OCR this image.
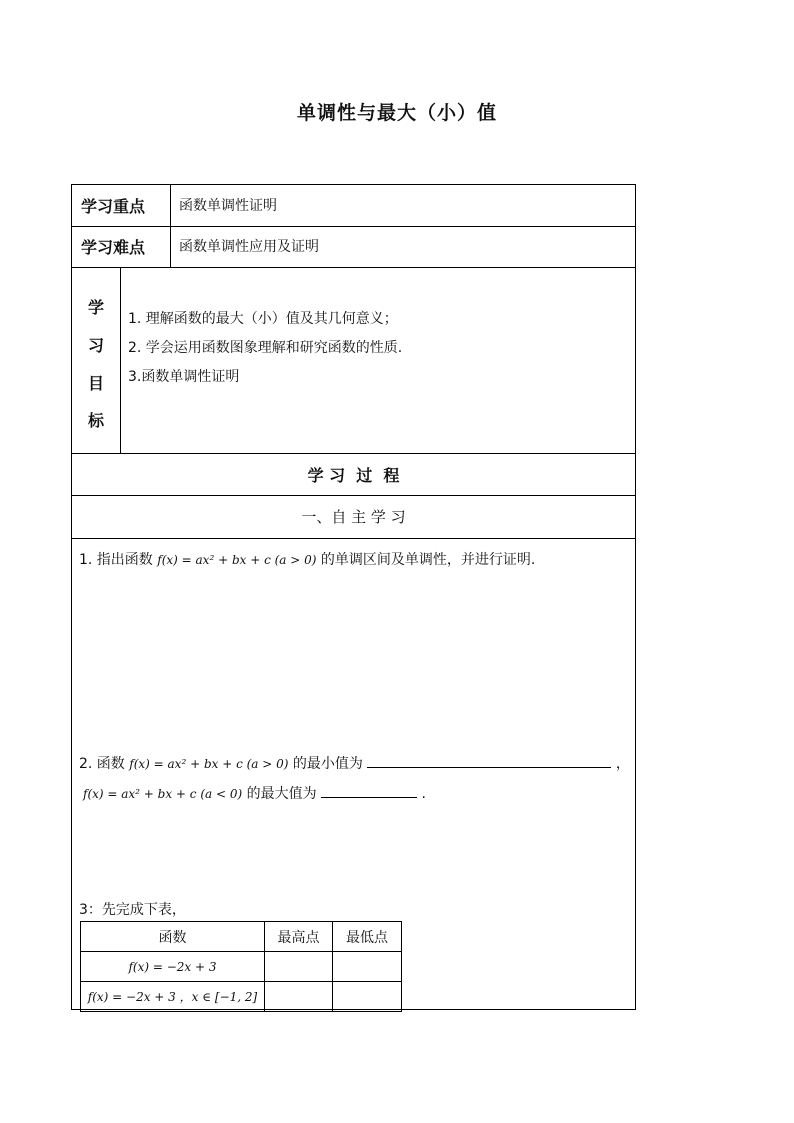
单调性与最大（小）值
学习重点 函数单调性证明
学习难点 函数单调性应用及证明
学
习
目
标
1. 理解函数的最大（小）值及其几何意义；
2. 学会运用函数图象理解和研究函数的性质.
3.函数单调性证明
学 习  过  程
一、自 主 学 习
1. 指出函数 f(x) = ax² + bx + c (a > 0) 的单调区间及单调性，并进行证明.
2. 函数 f(x) = ax² + bx + c (a > 0) 的最小值为	，
f(x) = ax² + bx + c (a < 0) 的最大值为	.
3：先完成下表，
函数	最高点	最低点
f(x) = −2x + 3		
f(x) = −2x + 3 ，x ∈ [−1, 2]		
